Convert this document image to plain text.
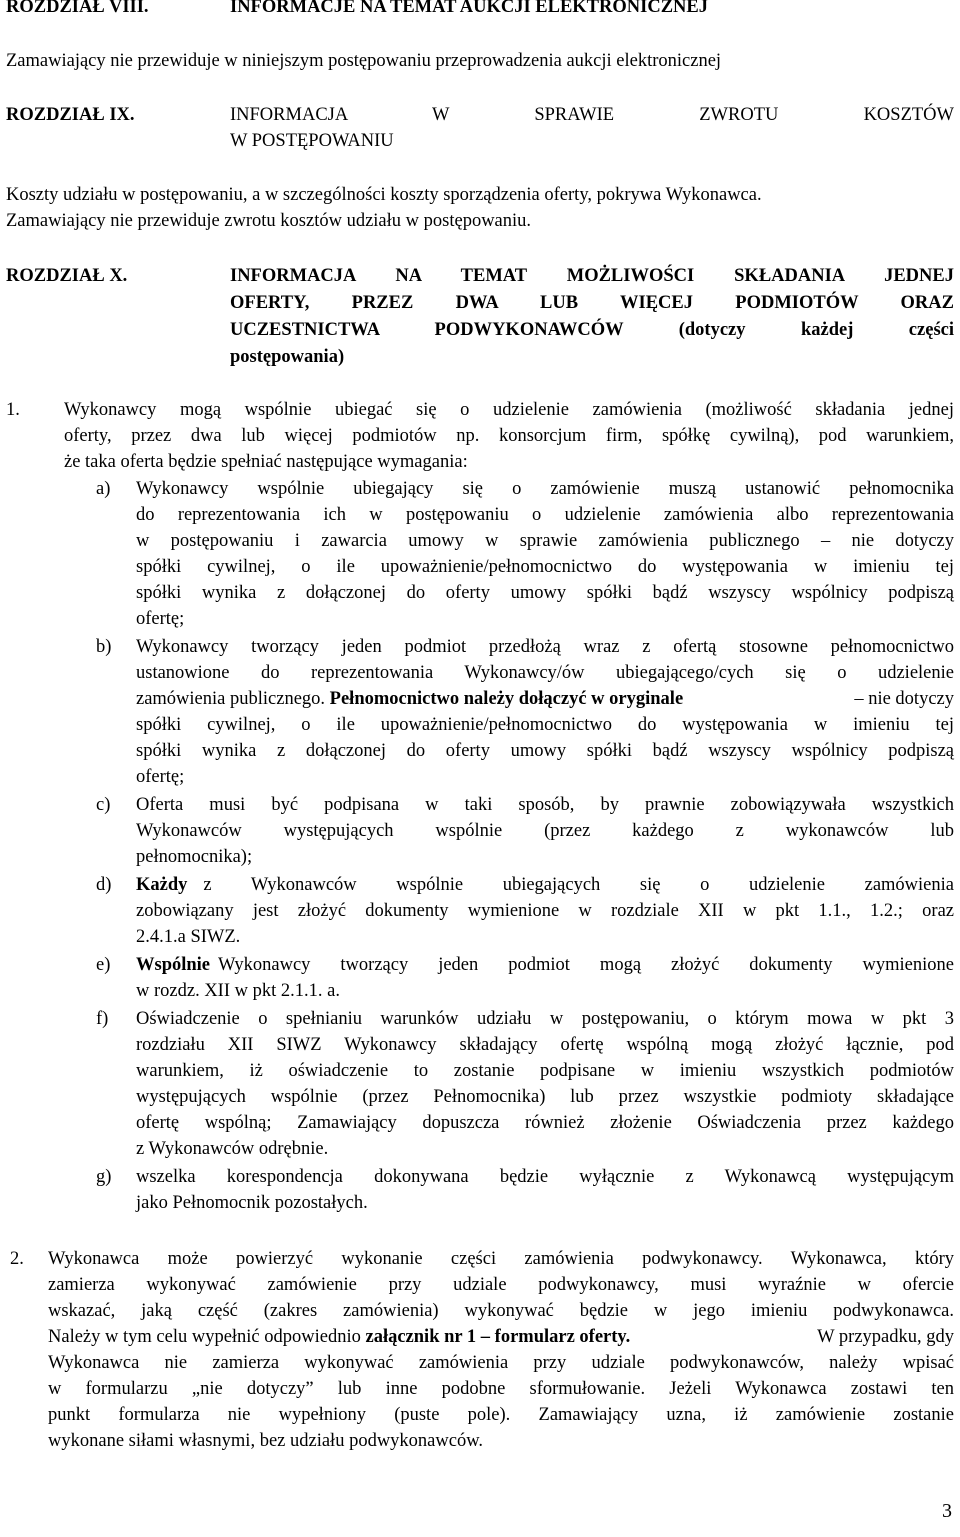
ROZDZIAŁ VIII.	INFORMACJE NA TEMAT AUKCJI ELEKTRONICZNEJ
Zamawiający nie przewiduje w niniejszym postępowaniu przeprowadzenia aukcji elektronicznej
ROZDZIAŁ IX.	INFORMACJA W SPRAWIE ZWROTU KOSZTÓW
W POSTĘPOWANIU
Koszty udziału w postępowaniu, a w szczególności koszty sporządzenia oferty, pokrywa Wykonawca.
Zamawiający nie przewiduje zwrotu kosztów udziału w postępowaniu.
ROZDZIAŁ X.	INFORMACJA NA TEMAT MOŻLIWOŚCI SKŁADANIA JEDNEJ
OFERTY, PRZEZ DWA LUB WIĘCEJ PODMIOTÓW ORAZ
UCZESTNICTWA PODWYKONAWCÓW (dotyczy każdej części
postępowania)
1. Wykonawcy mogą wspólnie ubiegać się o udzielenie zamówienia (możliwość składania jednej
oferty, przez dwa lub więcej podmiotów np. konsorcjum firm, spółkę cywilną), pod warunkiem,
że taka oferta będzie spełniać następujące wymagania:
a) Wykonawcy wspólnie ubiegający się o zamówienie muszą ustanowić pełnomocnika
do reprezentowania ich w postępowaniu o udzielenie zamówienia albo reprezentowania
w postępowaniu i zawarcia umowy w sprawie zamówienia publicznego – nie dotyczy
spółki cywilnej, o ile upoważnienie/pełnomocnictwo do występowania w imieniu tej
spółki wynika z dołączonej do oferty umowy spółki bądź wszyscy wspólnicy podpiszą
ofertę;
b) Wykonawcy tworzący jeden podmiot przedłożą wraz z ofertą stosowne pełnomocnictwo
ustanowione do reprezentowania Wykonawcy/ów ubiegającego/cych się o udzielenie
zamówienia publicznego. Pełnomocnictwo należy dołączyć w oryginale	– nie dotyczy
spółki cywilnej, o ile upoważnienie/pełnomocnictwo do występowania w imieniu tej
spółki wynika z dołączonej do oferty umowy spółki bądź wszyscy wspólnicy podpiszą
ofertę;
c) Oferta musi być podpisana w taki sposób, by prawnie zobowiązywała wszystkich
Wykonawców występujących wspólnie (przez każdego z wykonawców lub
pełnomocnika);
d) Każdy z Wykonawców wspólnie ubiegających się o udzielenie zamówienia
zobowiązany jest złożyć dokumenty wymienione w rozdziale XII w pkt 1.1., 1.2.; oraz
2.4.1.a SIWZ.
e) Wspólnie Wykonawcy tworzący jeden podmiot mogą złożyć dokumenty wymienione
w rozdz. XII w pkt 2.1.1. a.
f) Oświadczenie o spełnianiu warunków udziału w postępowaniu, o którym mowa w pkt 3
rozdziału XII SIWZ Wykonawcy składający ofertę wspólną mogą złożyć łącznie, pod
warunkiem, iż oświadczenie to zostanie podpisane w imieniu wszystkich podmiotów
występujących wspólnie (przez Pełnomocnika) lub przez wszystkie podmioty składające
ofertę wspólną; Zamawiający dopuszcza również złożenie Oświadczenia przez każdego
z Wykonawców odrębnie.
g) wszelka korespondencja dokonywana będzie wyłącznie z Wykonawcą występującym
jako Pełnomocnik pozostałych.
2. Wykonawca może powierzyć wykonanie części zamówienia podwykonawcy. Wykonawca, który
zamierza wykonywać zamówienie przy udziale podwykonawcy, musi wyraźnie w ofercie
wskazać, jaką część (zakres zamówienia) wykonywać będzie w jego imieniu podwykonawca.
Należy w tym celu wypełnić odpowiednio załącznik nr 1 – formularz oferty.	W przypadku, gdy
Wykonawca nie zamierza wykonywać zamówienia przy udziale podwykonawców, należy wpisać
w formularzu „nie dotyczy” lub inne podobne sformułowanie. Jeżeli Wykonawca zostawi ten
punkt formularza nie wypełniony (puste pole). Zamawiający uzna, iż zamówienie zostanie
wykonane siłami własnymi, bez udziału podwykonawców.
3
